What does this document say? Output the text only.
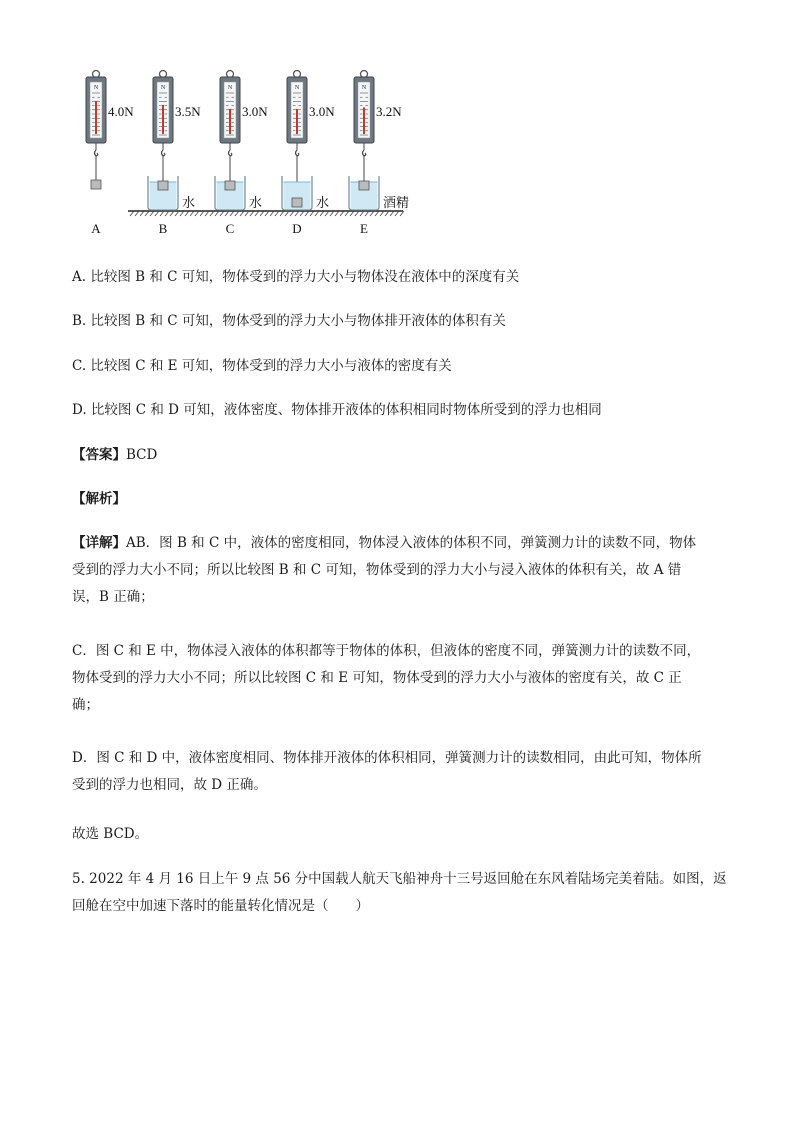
N
4.0N
A
N
3.5N
水
B
N
3.0N
水
C
N
3.0N
水
D
N
3.2N
酒精
E
A. 比较图 B 和 C 可知，物体受到的浮力大小与物体没在液体中的深度有关
B. 比较图 B 和 C 可知，物体受到的浮力大小与物体排开液体的体积有关
C. 比较图 C 和 E 可知，物体受到的浮力大小与液体的密度有关
D. 比较图 C 和 D 可知，液体密度、物体排开液体的体积相同时物体所受到的浮力也相同
【答案】BCD
【解析】
【详解】AB．图 B 和 C 中，液体的密度相同，物体浸入液体的体积不同，弹簧测力计的读数不同，物体
受到的浮力大小不同；所以比较图 B 和 C 可知，物体受到的浮力大小与浸入液体的体积有关，故 A 错
误，B 正确；
C．图 C 和 E 中，物体浸入液体的体积都等于物体的体积，但液体的密度不同，弹簧测力计的读数不同，
物体受到的浮力大小不同；所以比较图 C 和 E 可知，物体受到的浮力大小与液体的密度有关，故 C 正
确；
D．图 C 和 D 中，液体密度相同、物体排开液体的体积相同，弹簧测力计的读数相同，由此可知，物体所
受到的浮力也相同，故 D 正确。
故选 BCD。
5. 2022 年 4 月 16 日上午 9 点 56 分中国载人航天飞船神舟十三号返回舱在东风着陆场完美着陆。如图，返
回舱在空中加速下落时的能量转化情况是（　　）
